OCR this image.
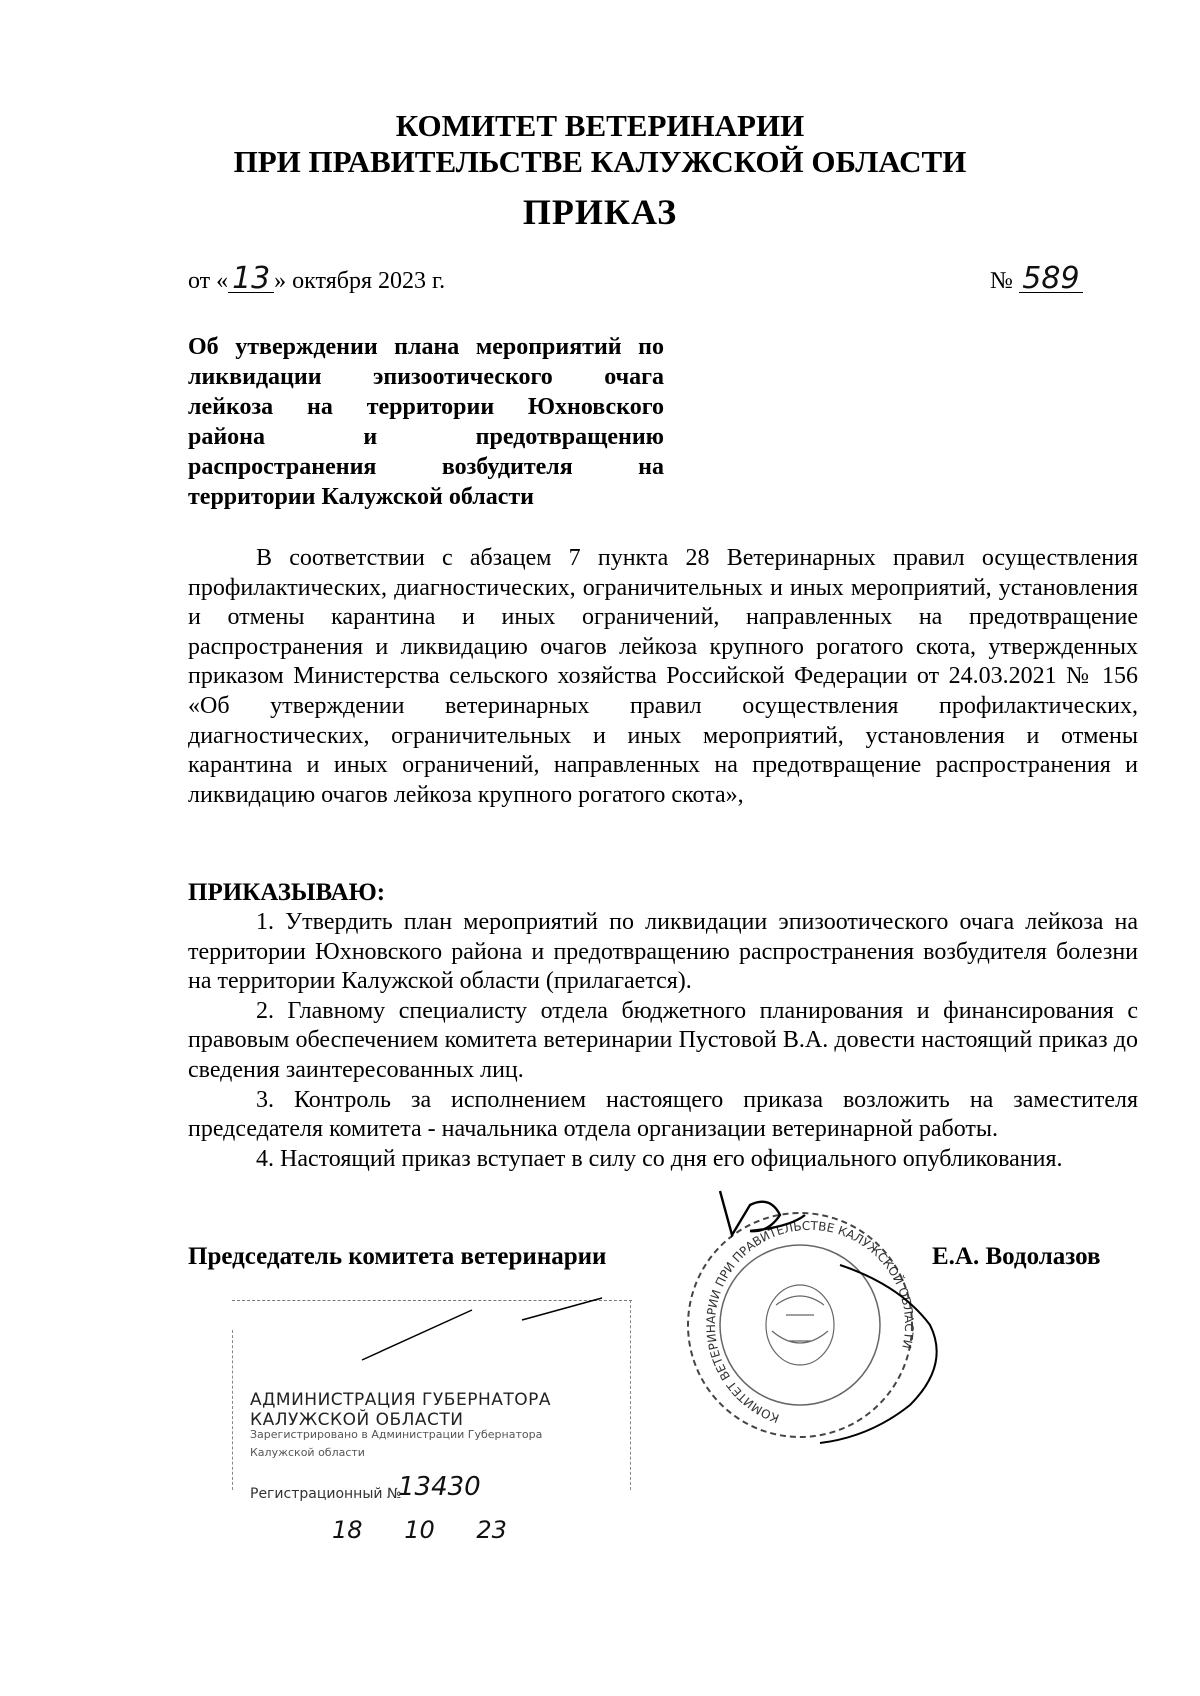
КОМИТЕТ ВЕТЕРИНАРИИ
ПРИ ПРАВИТЕЛЬСТВЕ КАЛУЖСКОЙ ОБЛАСТИ
ПРИКАЗ
от « 13 » октября 2023 г.	№ 589
Об утверждении плана мероприятий по
ликвидации эпизоотического очага
лейкоза на территории Юхновского
района и предотвращению
распространения возбудителя на
территории Калужской области
В соответствии с абзацем 7 пункта 28 Ветеринарных правил осуществления профилактических, диагностических, ограничительных и иных мероприятий, установления и отмены карантина и иных ограничений, направленных на предотвращение распространения и ликвидацию очагов лейкоза крупного рогатого скота, утвержденных приказом Министерства сельского хозяйства Российской Федерации от 24.03.2021 № 156 «Об утверждении ветеринарных правил осуществления профилактических, диагностических, ограничительных и иных мероприятий, установления и отмены карантина и иных ограничений, направленных на предотвращение распространения и ликвидацию очагов лейкоза крупного рогатого скота»,
ПРИКАЗЫВАЮ:

1. Утвердить план мероприятий по ликвидации эпизоотического очага лейкоза на территории Юхновского района и предотвращению распространения возбудителя болезни на территории Калужской области (прилагается).

2. Главному специалисту отдела бюджетного планирования и финансирования с правовым обеспечением комитета ветеринарии Пустовой В.А. довести настоящий приказ до сведения заинтересованных лиц.

3. Контроль за исполнением настоящего приказа возложить на заместителя председателя комитета - начальника отдела организации ветеринарной работы.

4. Настоящий приказ вступает в силу со дня его официального опубликования.

КОМИТЕТ ВЕТЕРИНАРИИ ПРИ ПРАВИТЕЛЬСТВЕ КАЛУЖСКОЙ ОБЛАСТИ
Председатель комитета ветеринарии	Е.А. Водолазов
АДМИНИСТРАЦИЯ ГУБЕРНАТОРА КАЛУЖСКОЙ ОБЛАСТИ
Зарегистрировано в Администрации Губернатора
Калужской области
Регистрационный №
13430
18 10 23
